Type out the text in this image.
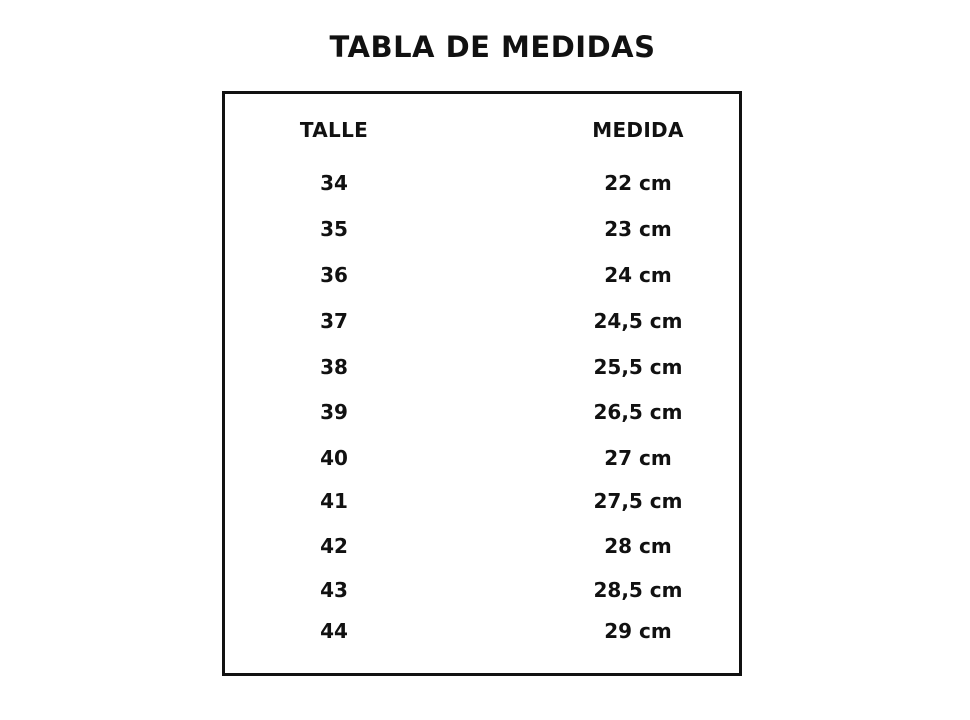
TABLA DE MEDIDAS
TALLE	MEDIDA
34	22 cm
35	23 cm
36	24 cm
37	24,5 cm
38	25,5 cm
39	26,5 cm
40	27 cm
41	27,5 cm
42	28 cm
43	28,5 cm
44	29 cm
